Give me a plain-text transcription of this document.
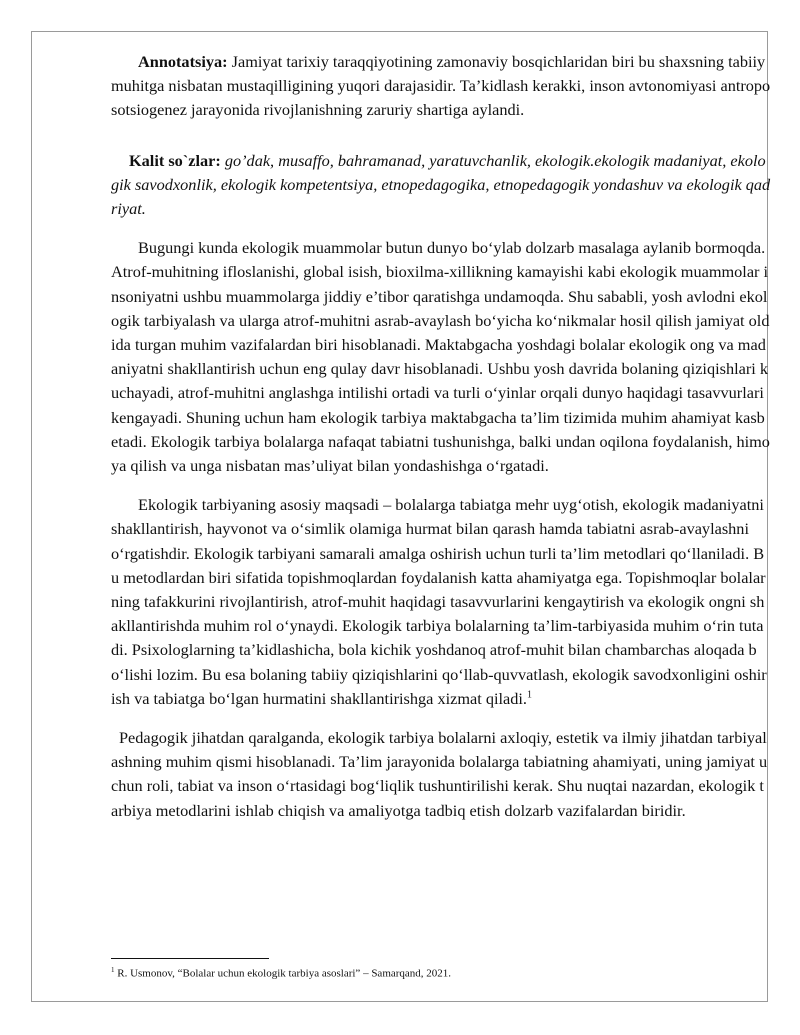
Annotatsiya: Jamiyat tarixiy taraqqiyotining zamonaviy bosqichlaridan biri bu shaxsning tabiiy muhitga nisbatan mustaqilligining yuqori darajasidir. Ta’kidlash kerakki, inson avtonomiyasi antroposotsiogenez jarayonida rivojlanishning zaruriy shartiga aylandi.

Kalit so`zlar: go’dak, musaffo, bahramanad, yaratuvchanlik, ekologik.ekologik madaniyat, ekologik savodxonlik, ekologik kompetentsiya, etnopedagogika, etnopedagogik yondashuv va ekologik qadriyat.

Bugungi kunda ekologik muammolar butun dunyo bo‘ylab dolzarb masalaga aylanib bormoqda. Atrof-muhitning ifloslanishi, global isish, bioxilma-xillikning kamayishi kabi ekologik muammolar insoniyatni ushbu muammolarga jiddiy e’tibor qaratishga undamoqda. Shu sababli, yosh avlodni ekologik tarbiyalash va ularga atrof-muhitni asrab-avaylash bo‘yicha ko‘nikmalar hosil qilish jamiyat oldida turgan muhim vazifalardan biri hisoblanadi. Maktabgacha yoshdagi bolalar ekologik ong va madaniyatni shakllantirish uchun eng qulay davr hisoblanadi. Ushbu yosh davrida bolaning qiziqishlari kuchayadi, atrof-muhitni anglashga intilishi ortadi va turli o‘yinlar orqali dunyo haqidagi tasavvurlari kengayadi. Shuning uchun ham ekologik tarbiya maktabgacha ta’lim tizimida muhim ahamiyat kasb etadi. Ekologik tarbiya bolalarga nafaqat tabiatni tushunishga, balki undan oqilona foydalanish, himoya qilish va unga nisbatan mas’uliyat bilan yondashishga o‘rgatadi.

Ekologik tarbiyaning asosiy maqsadi – bolalarga tabiatga mehr uyg‘otish, ekologik madaniyatni shakllantirish, hayvonot va o‘simlik olamiga hurmat bilan qarash hamda tabiatni asrab-avaylashni o‘rgatishdir. Ekologik tarbiyani samarali amalga oshirish uchun turli ta’lim metodlari qo‘llaniladi. Bu metodlardan biri sifatida topishmoqlardan foydalanish katta ahamiyatga ega. Topishmoqlar bolalarning tafakkurini rivojlantirish, atrof-muhit haqidagi tasavvurlarini kengaytirish va ekologik ongni shakllantirishda muhim rol o‘ynaydi. Ekologik tarbiya bolalarning ta’lim-tarbiyasida muhim o‘rin tutadi. Psixologlarning ta’kidlashicha, bola kichik yoshdanoq atrof-muhit bilan chambarchas aloqada bo‘lishi lozim. Bu esa bolaning tabiiy qiziqishlarini qo‘llab-quvvatlash, ekologik savodxonligini oshirish va tabiatga bo‘lgan hurmatini shakllantirishga xizmat qiladi.$^1$

Pedagogik jihatdan qaralganda, ekologik tarbiya bolalarni axloqiy, estetik va ilmiy jihatdan tarbiyalashning muhim qismi hisoblanadi. Ta’lim jarayonida bolalarga tabiatning ahamiyati, uning jamiyat uchun roli, tabiat va inson o‘rtasidagi bog‘liqlik tushuntirilishi kerak. Shu nuqtai nazardan, ekologik tarbiya metodlarini ishlab chiqish va amaliyotga tadbiq etish dolzarb vazifalardan biridir.

$^1$ R. Usmonov, “Bolalar uchun ekologik tarbiya asoslari” – Samarqand, 2021.
